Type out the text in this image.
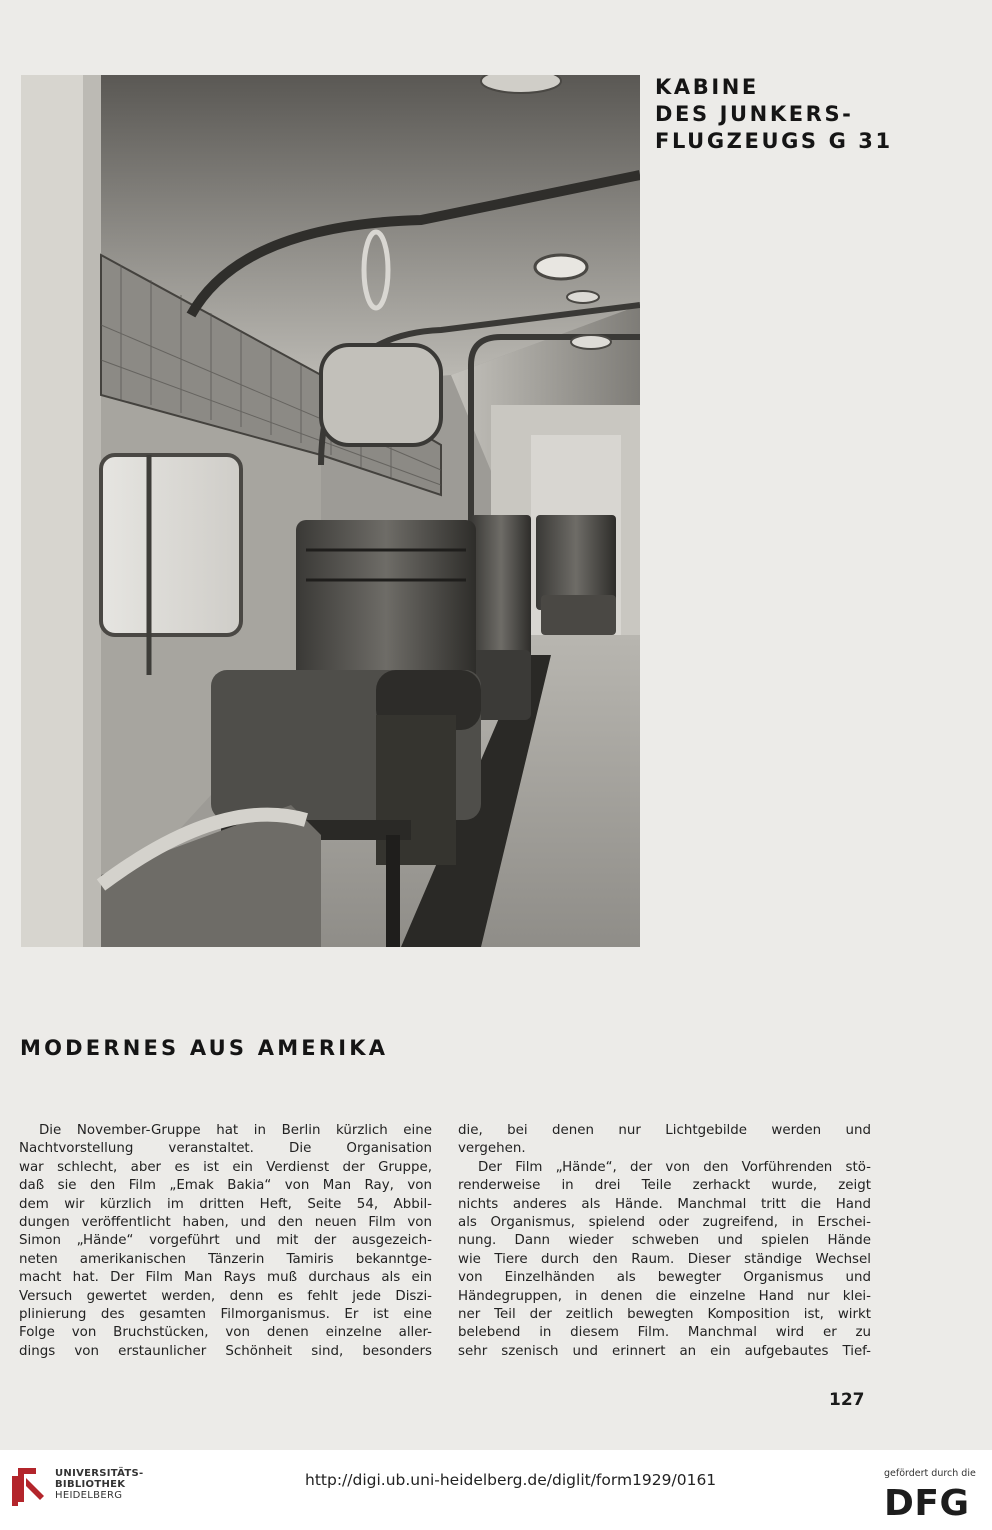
KABINE
DES JUNKERS-
FLUGZEUGS G 31
MODERNES AUS AMERIKA

Die November-Gruppe hat in Berlin kürzlich eine

Nachtvorstellung veranstaltet. Die Organisation

war schlecht, aber es ist ein Verdienst der Gruppe,

daß sie den Film „Emak Bakia“ von Man Ray, von

dem wir kürzlich im dritten Heft, Seite 54, Abbil-

dungen veröffentlicht haben, und den neuen Film von

Simon „Hände“ vorgeführt und mit der ausgezeich-

neten amerikanischen Tänzerin Tamiris bekanntge-

macht hat. Der Film Man Rays muß durchaus als ein

Versuch gewertet werden, denn es fehlt jede Diszi-

plinierung des gesamten Filmorganismus. Er ist eine

Folge von Bruchstücken, von denen einzelne aller-

dings von erstaunlicher Schönheit sind, besonders

die, bei denen nur Lichtgebilde werden und

vergehen.

Der Film „Hände“, der von den Vorführenden stö-

renderweise in drei Teile zerhackt wurde, zeigt

nichts anderes als Hände. Manchmal tritt die Hand

als Organismus, spielend oder zugreifend, in Erschei-

nung. Dann wieder schweben und spielen Hände

wie Tiere durch den Raum. Dieser ständige Wechsel

von Einzelhänden als bewegter Organismus und

Händegruppen, in denen die einzelne Hand nur klei-

ner Teil der zeitlich bewegten Komposition ist, wirkt

belebend in diesem Film. Manchmal wird er zu

sehr szenisch und erinnert an ein aufgebautes Tief-

127
UNIVERSITÄTS-
BIBLIOTHEK
HEIDELBERG
http://digi.ub.uni-heidelberg.de/diglit/form1929/0161	gefördert durch die
DFG
